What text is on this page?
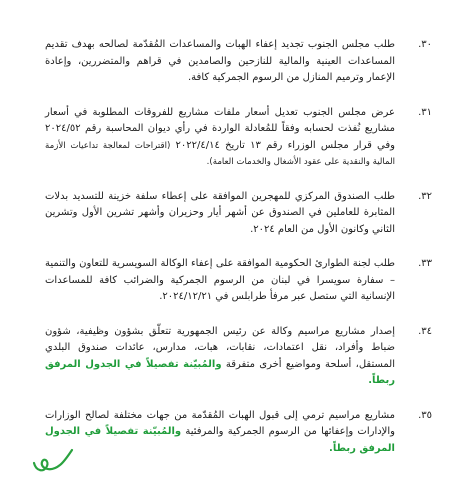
٣٠.

طلب مجلس الجنوب تجديد إعفاء الهبات والمساعدات المُقدّمة لصالحه بهدف تقديم المساعدات العينية والمالية للنازحين والصامدين في قراهم والمتضررين، وإعادة الإعمار وترميم المنازل من الرسوم الجمركية كافة.

٣١.

عرض مجلس الجنوب تعديل أسعار ملفات مشاريع للفروقات المطلوبة في أسعار مشاريع نُفذت لحسابه وفقاً للمُعادلة الواردة في رأي ديوان المحاسبة رقم ٢٠٢٤/٥٢ وفي قرار مجلس الوزراء رقم ١٣ تاريخ ٢٠٢٢/٤/١٤ (اقتراحات لمعالجة تداعيات الأزمة المالية والنقدية على عقود الأشغال والخدمات العامة).

٣٢.

طلب الصندوق المركزي للمهجرين الموافقة على إعطاء سلفة خزينة للتسديد بدلات المثابرة للعاملين في الصندوق عن أشهر أيار وحزيران وأشهر تشرين الأول وتشرين الثاني وكانون الأول من العام ٢٠٢٤.

٣٣.

طلب لجنة الطوارئ الحكومية الموافقة على إعفاء الوكالة السويسرية للتعاون والتنمية – سفارة سويسرا في لبنان من الرسوم الجمركية والضرائب كافة للمساعدات الإنسانية التي ستصل عبر مرفأ طرابلس في ٢٠٢٤/١٢/٢١.

٣٤.

إصدار مشاريع مراسيم وكالة عن رئيس الجمهورية تتعلّق بشؤون وظيفية، شؤون ضباط وأفراد، نقل اعتمادات، نقابات، هبات، مدارس، عائدات صندوق البلدي المستقل، أسلحة ومواضيع أخرى متفرقة والمُبيّنة تفصيلاً في الجدول المرفق ربطاً.

٣٥.

مشاريع مراسيم ترمي إلى قبول الهبات المُقدّمة من جهات مختلفة لصالح الوزارات والإدارات وإعفائها من الرسوم الجمركية والمرفئية والمُبيّنة تفصيلاً في الجدول المرفق ربطاً.
